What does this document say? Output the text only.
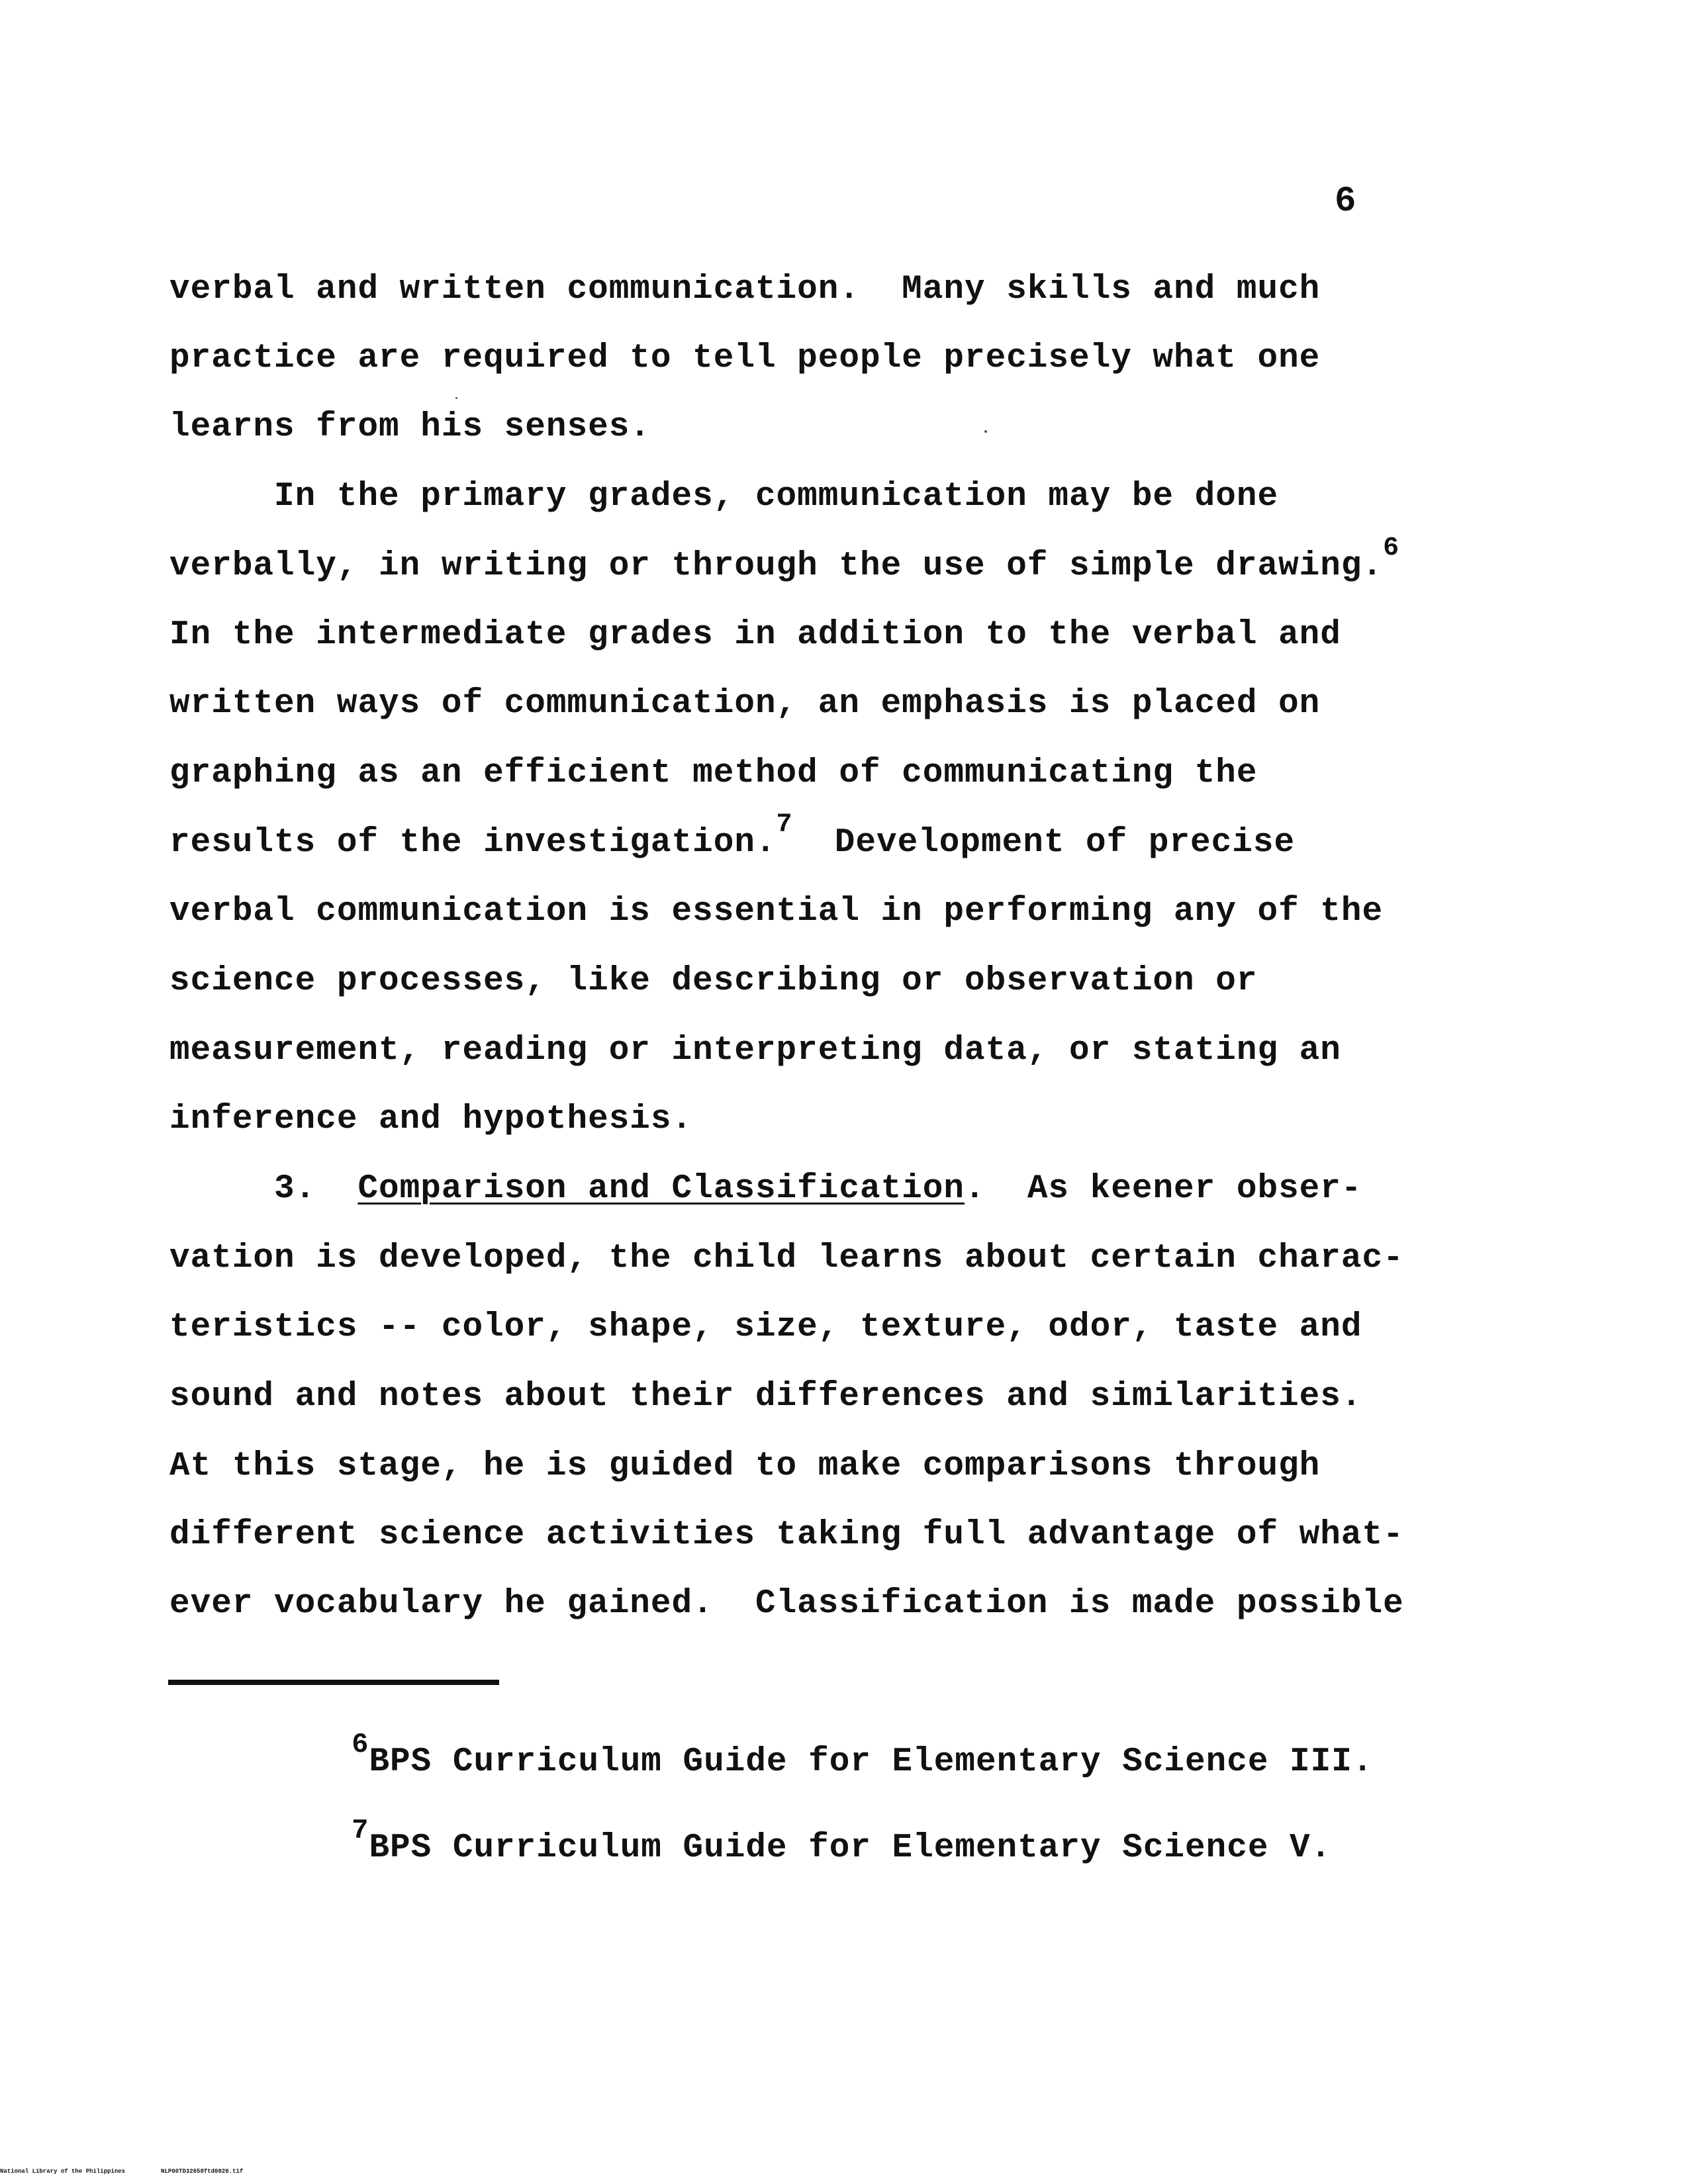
6
verbal and written communication.  Many skills and much
practice are required to tell people precisely what one
learns from his senses.
In the primary grades, communication may be done
verbally, in writing or through the use of simple drawing.$^6$
In the intermediate grades in addition to the verbal and
written ways of communication, an emphasis is placed on
graphing as an efficient method of communicating the
results of the investigation.$^7$  Development of precise
verbal communication is essential in performing any of the
science processes, like describing or observation or
measurement, reading or interpreting data, or stating an
inference and hypothesis.
3.  Comparison and Classification.  As keener obser-
vation is developed, the child learns about certain charac-
teristics -- color, shape, size, texture, odor, taste and
sound and notes about their differences and similarities.
At this stage, he is guided to make comparisons through
different science activities taking full advantage of what-
ever vocabulary he gained.  Classification is made possible

$^6$BPS Curriculum Guide for Elementary Science III.

$^7$BPS Curriculum Guide for Elementary Science V.

National Library of the Philippines	NLP00TD32658ftd0020.tif
